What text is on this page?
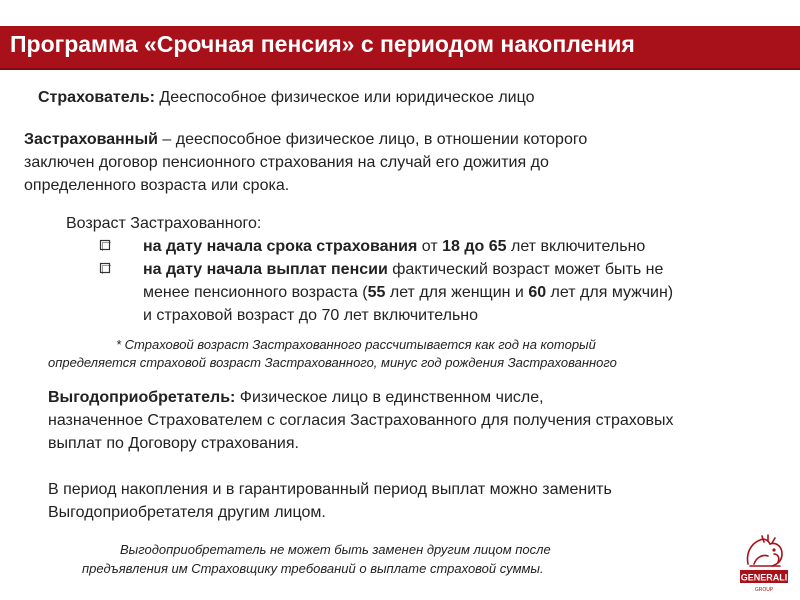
Программа «Срочная пенсия» с периодом накопления
Страхователь: Дееспособное физическое или юридическое лицо
Застрахованный – дееспособное физическое лицо, в отношении которого
заключен договор пенсионного страхования на случай его дожития до
определенного возраста или срока.
Возраст Застрахованного:
на дату начала срока страхования от 18 до 65 лет включительно
на дату начала выплат пенсии фактический возраст может быть не
менее пенсионного возраста (55 лет для женщин и 60 лет для мужчин)
и страховой возраст до 70 лет включительно
* Страховой возраст Застрахованного рассчитывается как год на который
определяется страховой возраст Застрахованного, минус год рождения Застрахованного
Выгодоприобретатель: Физическое лицо в единственном числе,
назначенное Страхователем с согласия Застрахованного для получения страховых
выплат по Договору страхования.
В период накопления и в гарантированный период выплат можно заменить
Выгодоприобретателя другим лицом.
Выгодоприобретатель не может быть заменен другим лицом после
предъявления им Страховщику требований о выплате страховой суммы.
GENERALI
GROUP
